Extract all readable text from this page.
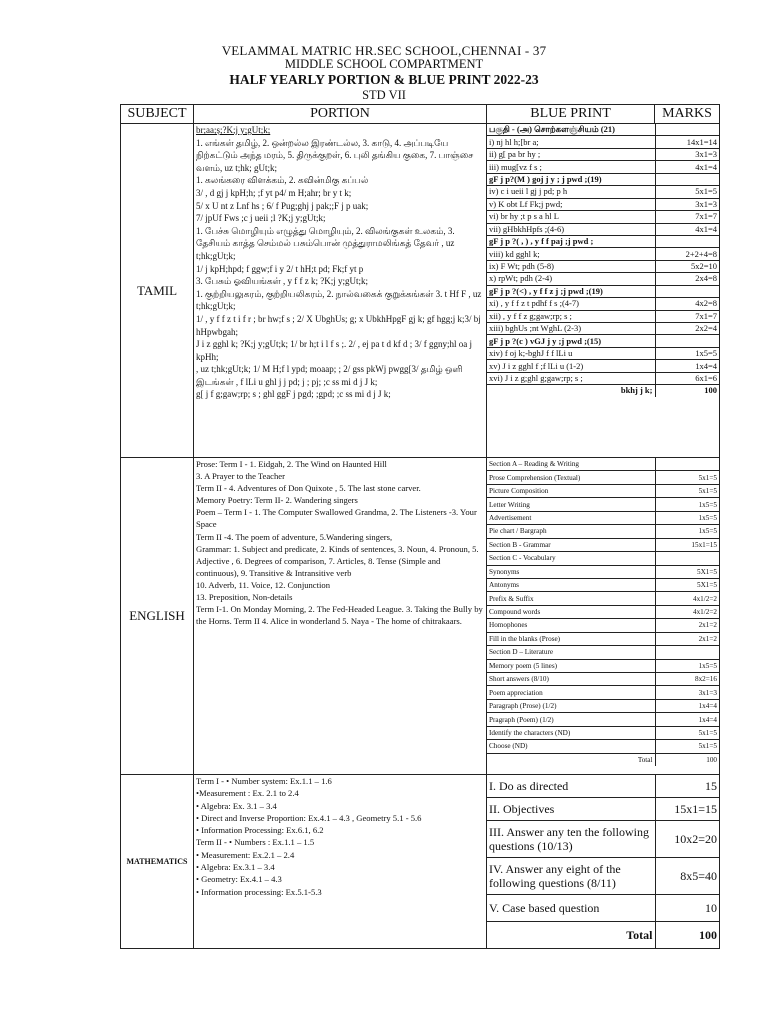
VELAMMAL MATRIC HR.SEC SCHOOL,CHENNAI - 37
MIDDLE SCHOOL COMPARTMENT
HALF YEARLY PORTION & BLUE PRINT 2022-23
STD VII
SUBJECT	PORTION	BLUE PRINT	MARKS
TAMIL	
br;aa;ș;?K;j y;gUt;k;
1. எங்கள் தமிழ், 2. ஒன்றல்ல இரண்டல்ல, 3. காடு, 4. அப்படியே நிற்கட்டும் அந்த மரம், 5. திருக்குறள், 6. புலி தங்கிய குகை, 7. பாஞ்சை வளம், uz t;hk; gUt;k;
1. கலங்கரை விளக்கம், 2. கவின்மிகு கப்பல்
3/ , d gj j kpH;h; ;f yt p4/ m H;ahr; br y t k;
5/ x U nt z Lnf hs ; 6/ f Pug;ghj j pak;;F j p uak;
7/ jpUf Fws ;c j ueii ;l ?K;j y;gUt;k;
1. பேச்சு மொழியும் எழுத்து மொழியும், 2. விலங்குகள் உலகம், 3. தேசியம் காத்த செம்மல் பசும்பொன் முத்துராமலிங்கத் தேவர் , uz t;hk;gUt;k;
1/ j kpH;hpd; f ggw;f i y 2/ t hH;t pd; Fk;f yt p
3. பேசும் ஓவியங்கள் , y f f z k; ?K;j y;gUt;k;
1. குற்றியலுகரம், குற்றியலிகரம், 2. நால்வகைக் குறுக்கங்கள் 3. t Hf F , uz t;hk;gUt;k;
1/ , y f f z t i f r ; br hw;f s ; 2/ X UbghUs; g; x UbkhHpgF gj k; gf hgg;j k;3/ bj hHpwbgah;
J i z gghl k; ?K;j y;gUt;k; 1/ br h;t i l f s ;. 2/ , ej pa t d kf d ; 3/ f ggny;hl oa j kpHh;
, uz t;hk;gUt;k; 1/ M H;f l ypd; moaap; ; 2/ gss pkWj pwgg[3/ தமிழ் ஒளி இடங்கள் , f lLi u ghl j j pd; j ; pj; ;c ss mi d j J k;
g[ j f g;gaw;rp; s ; ghl ggF j pgd; ;gpd; ;c ss mi d j J k;

பகுதி - (அ) சொற்களஞ்சியம் (21)	
i) nj hl h;[br a;	14x1=14
ii) g[ pa br hy ;	3x1=3
iii) mug[vz f s ;	4x1=4
gF j p?(M ) goj j y ; j pwd ;(19)	
iv) c i ueii l gj j pd; p h	5x1=5
v) K obt Lf Fk;j pwd;	3x1=3
vi) br hy ;t p s a hl L	7x1=7
vii) gHbkhHpfs ;(4-6)	4x1=4
gF j p ?( , ) , y f f paj ;j pwd ;	
viii) kd gghl k;	2+2+4=8
ix) F Wt; pdh (5-8)	5x2=10
x) rpWt; pdh (2-4)	2x4=8
gF j p ?(<) , y f f z j ;j pwd ;(19)	
xi) , y f f z t pdhf f s ;(4-7)	4x2=8
xii) , y f f z g;gaw;rp; s ;	7x1=7
xiii) bghUs ;nt WghL (2-3)	2x2=4
gF j p ?(c ) vGJ j y ;j pwd ;(15)	
xiv) f oj k;-bghJ f f lLi u	1x5=5
xv) J i z gghl f ;f lLi u (1-2)	1x4=4
xvi) J i z g;ghl g;gaw;rp; s ;	6x1=6
bkhj j k;	100

ENGLISH	
Prose: Term I - 1. Eidgah, 2. The Wind on Haunted Hill
3. A Prayer to the Teacher
Term II - 4. Adventures of Don Quixote , 5. The last stone carver.
Memory Poetry: Term II- 2. Wandering singers
Poem – Term I - 1. The Computer Swallowed Grandma, 2. The Listeners -3. Your Space
Term II -4. The poem of adventure, 5.Wandering singers,
Grammar: 1. Subject and predicate, 2. Kinds of sentences, 3. Noun, 4. Pronoun, 5. Adjective , 6. Degrees of comparison, 7. Articles, 8. Tense (Simple and continuous), 9. Transitive & Intransitive verb
10. Adverb, 11. Voice, 12. Conjunction
13. Preposition, Non-details
Term I-1. On Monday Morning, 2. The Fed-Headed League. 3. Taking the Bully by the Horns. Term II 4. Alice in wonderland 5. Naya - The home of chitrakaars.

Section A – Reading & Writing	
Prose Comprehension (Textual)	5x1=5
Picture Composition	5x1=5
Letter Writing	1x5=5
Advertisement	1x5=5
Pie chart / Bargraph	1x5=5
Section B - Grammar	15x1=15
Section C - Vocabulary	
Synonyms	5X1=5
Antonyms	5X1=5
Prefix & Suffix	4x1/2=2
Compound words	4x1/2=2
Homophones	2x1=2
Fill in the blanks (Prose)	2x1=2
Section D – Literature	
Memory poem (5 lines)	1x5=5
Short answers (8/10)	8x2=16
Poem appreciation	3x1=3
Paragraph (Prose) (1/2)	1x4=4
Pragraph (Poem) (1/2)	1x4=4
Identify the characters (ND)	5x1=5
Choose (ND)	5x1=5
Total	100

MATHEMATICS	
Term I - • Number system: Ex.1.1 – 1.6
•Measurement : Ex. 2.1 to 2.4
• Algebra: Ex. 3.1 – 3.4
• Direct and Inverse Proportion: Ex.4.1 – 4.3 , Geometry 5.1 - 5.6
• Information Processing: Ex.6.1, 6.2
Term II - • Numbers : Ex.1.1 – 1.5
• Measurement: Ex.2.1 – 2.4
• Algebra: Ex.3.1 – 3.4
• Geometry: Ex.4.1 – 4.3
• Information processing: Ex.5.1-5.3

I. Do as directed	15
II. Objectives	15x1=15
III. Answer any ten the following questions (10/13)	10x2=20
IV. Answer any eight of the following questions (8/11)	8x5=40
V. Case based question	10
Total	100
